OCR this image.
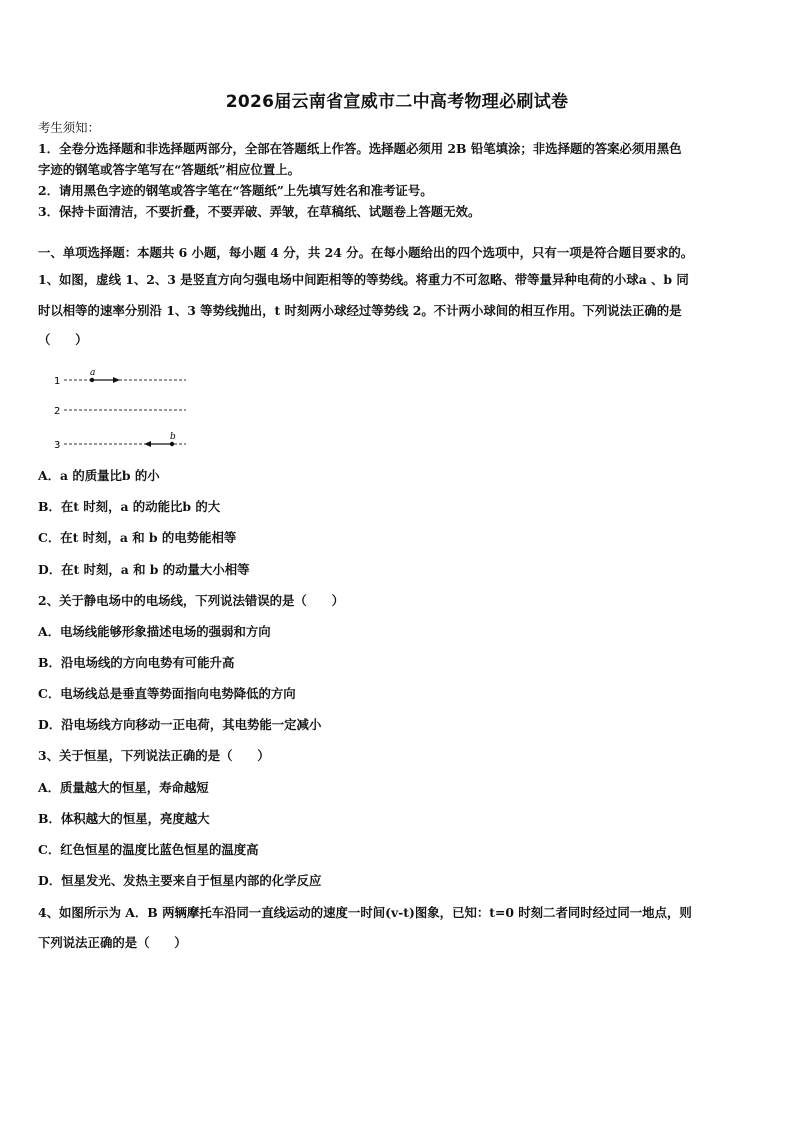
2026届云南省宣威市二中高考物理必刷试卷
考生须知：
1．全卷分选择题和非选择题两部分，全部在答题纸上作答。选择题必须用 2B 铅笔填涂；非选择题的答案必须用黑色
字迹的钢笔或答字笔写在“答题纸”相应位置上。
2．请用黑色字迹的钢笔或答字笔在“答题纸”上先填写姓名和准考证号。
3．保持卡面清洁，不要折叠，不要弄破、弄皱，在草稿纸、试题卷上答题无效。
一、单项选择题：本题共 6 小题，每小题 4 分，共 24 分。在每小题给出的四个选项中，只有一项是符合题目要求的。
1、如图，虚线 1、2、3 是竖直方向匀强电场中间距相等的等势线。将重力不可忽略、带等量异种电荷的小球a 、b 同
时以相等的速率分别沿 1、3 等势线抛出，t 时刻两小球经过等势线 2。不计两小球间的相互作用。下列说法正确的是
（　　）
1
a
2
3
b
A．a 的质量比b 的小
B．在t 时刻，a 的动能比b 的大
C．在t 时刻，a 和 b 的电势能相等
D．在t 时刻，a 和 b 的动量大小相等
2、关于静电场中的电场线，下列说法错误的是（　　）
A．电场线能够形象描述电场的强弱和方向
B．沿电场线的方向电势有可能升高
C．电场线总是垂直等势面指向电势降低的方向
D．沿电场线方向移动一正电荷，其电势能一定减小
3、关于恒星，下列说法正确的是（　　）
A．质量越大的恒星，寿命越短
B．体积越大的恒星，亮度越大
C．红色恒星的温度比蓝色恒星的温度高
D．恒星发光、发热主要来自于恒星内部的化学反应
4、如图所示为 A．B 两辆摩托车沿同一直线运动的速度一时间(v-t)图象，已知：t=0 时刻二者同时经过同一地点，则
下列说法正确的是（　　）
